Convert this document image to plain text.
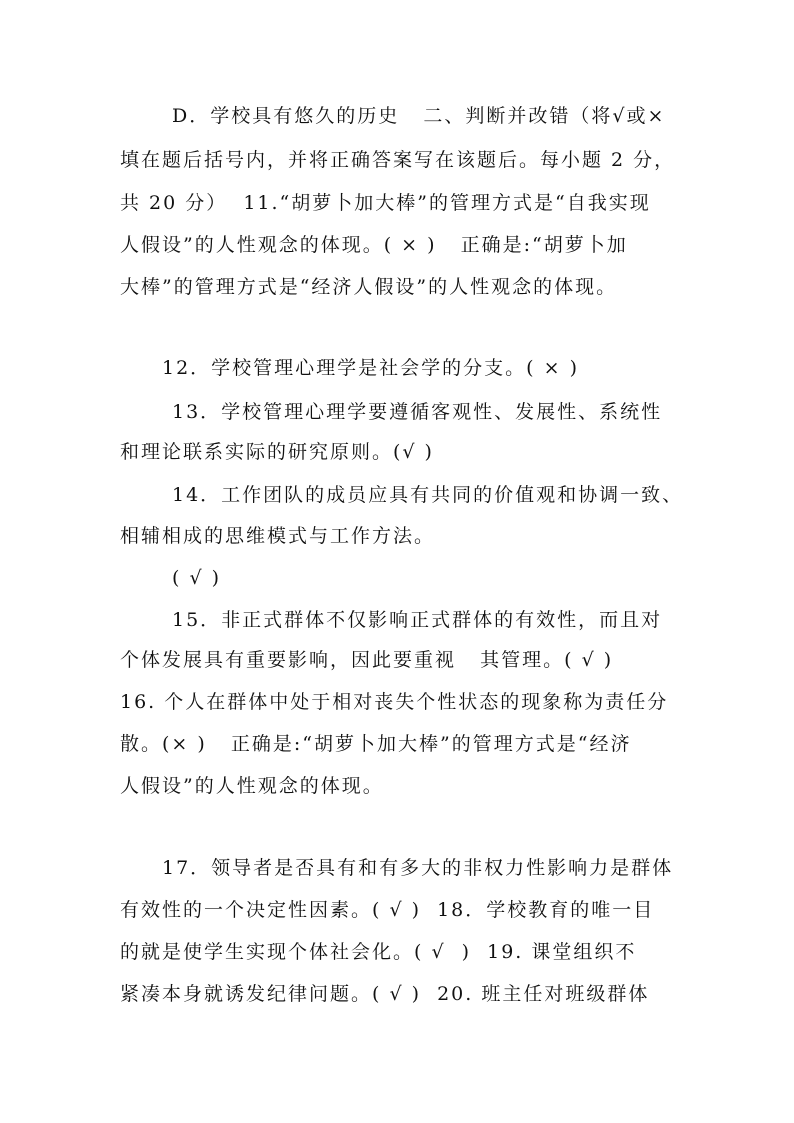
D．学校具有悠久的历史   二、判断并改错（将√或×
填在题后括号内，并将正确答案写在该题后。每小题 2 分，
共 20 分）  11.“胡萝卜加大棒”的管理方式是“自我实现
人假设”的人性观念的体现。( × )   正确是:“胡萝卜加
大棒”的管理方式是“经济人假设”的人性观念的体现。
12．学校管理心理学是社会学的分支。( × )
13．学校管理心理学要遵循客观性、发展性、系统性
和理论联系实际的研究原则。(√ )
14．工作团队的成员应具有共同的价值观和协调一致、
相辅相成的思维模式与工作方法。
( √ )
15．非正式群体不仅影响正式群体的有效性，而且对
个体发展具有重要影响，因此要重视   其管理。( √ )
16. 个人在群体中处于相对丧失个性状态的现象称为责任分
散。(× )   正确是:“胡萝卜加大棒”的管理方式是“经济
人假设”的人性观念的体现。
17．领导者是否具有和有多大的非权力性影响力是群体
有效性的一个决定性因素。( √ )  18．学校教育的唯一目
的就是使学生实现个体社会化。( √  )  19. 课堂组织不
紧凑本身就诱发纪律问题。( √ )  20. 班主任对班级群体
